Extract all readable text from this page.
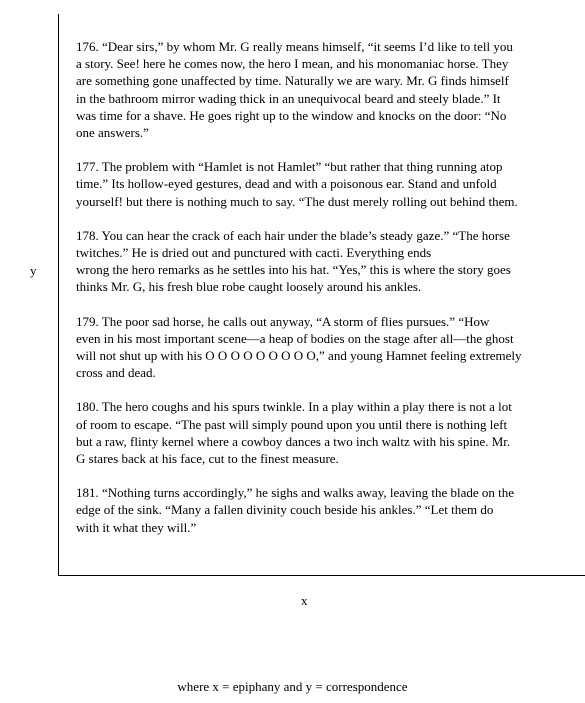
y

176. “Dear sirs,” by whom Mr. G really means himself, “it seems I’d like to tell you
a story. See! here he comes now, the hero I mean, and his monomaniac horse. They
are something gone unaffected by time. Naturally we are wary. Mr. G finds himself
in the bathroom mirror wading thick in an unequivocal beard and steely blade.” It
was time for a shave. He goes right up to the window and knocks on the door: “No
one answers.”

177. The problem with “Hamlet is not Hamlet” “but rather that thing running atop
time.” Its hollow-eyed gestures, dead and with a poisonous ear. Stand and unfold
yourself! but there is nothing much to say. “The dust merely rolling out behind them.

178. You can hear the crack of each hair under the blade’s steady gaze.” “The horse
twitches.” He is dried out and punctured with cacti. Everything ends
wrong the hero remarks as he settles into his hat. “Yes,” this is where the story goes
thinks Mr. G, his fresh blue robe caught loosely around his ankles.

179. The poor sad horse, he calls out anyway, “A storm of flies pursues.” “How
even in his most important scene—a heap of bodies on the stage after all—the ghost
will not shut up with his O O O O O O O O O,” and young Hamnet feeling extremely
cross and dead.

180. The hero coughs and his spurs twinkle. In a play within a play there is not a lot
of room to escape. “The past will simply pound upon you until there is nothing left
but a raw, flinty kernel where a cowboy dances a two inch waltz with his spine. Mr.
G stares back at his face, cut to the finest measure.

181. “Nothing turns accordingly,” he sighs and walks away, leaving the blade on the
edge of the sink. “Many a fallen divinity couch beside his ankles.” “Let them do
with it what they will.”

x
where x = epiphany and y = correspondence
